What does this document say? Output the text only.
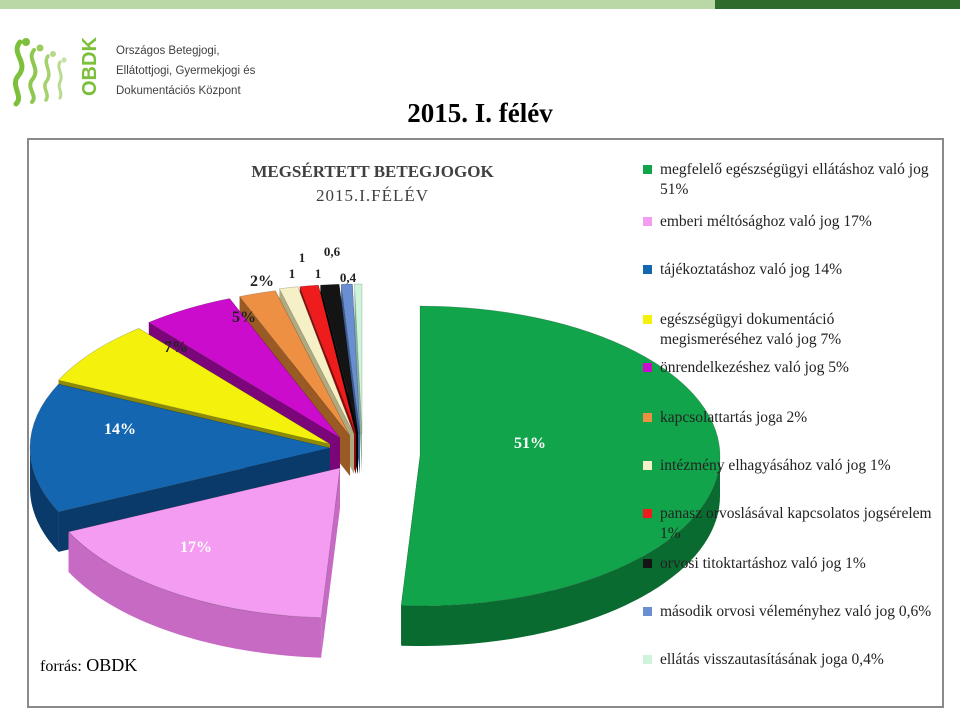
OBDK Országos Betegjogi,
Ellátottjogi, Gyermekjogi és
Dokumentációs Központ
2015. I. félév
51%
17%
14%
7%
5%
2% 1 1
1 0,6
0,4
MEGSÉRTETT BETEGJOGOK
2015.I.FÉLÉV
megfelelő egészségügyi ellátáshoz való jog 51%
emberi méltósághoz való jog 17%
tájékoztatáshoz való jog 14%
egészségügyi dokumentáció megismeréséhez való jog 7%
önrendelkezéshez való jog 5%
kapcsolattartás joga 2%
intézmény elhagyásához való jog 1%
panasz orvoslásával kapcsolatos jogsérelem 1%
orvosi titoktartáshoz való jog 1%
második orvosi véleményhez való jog 0,6%
ellátás visszautasításának joga 0,4%
forrás: OBDK
